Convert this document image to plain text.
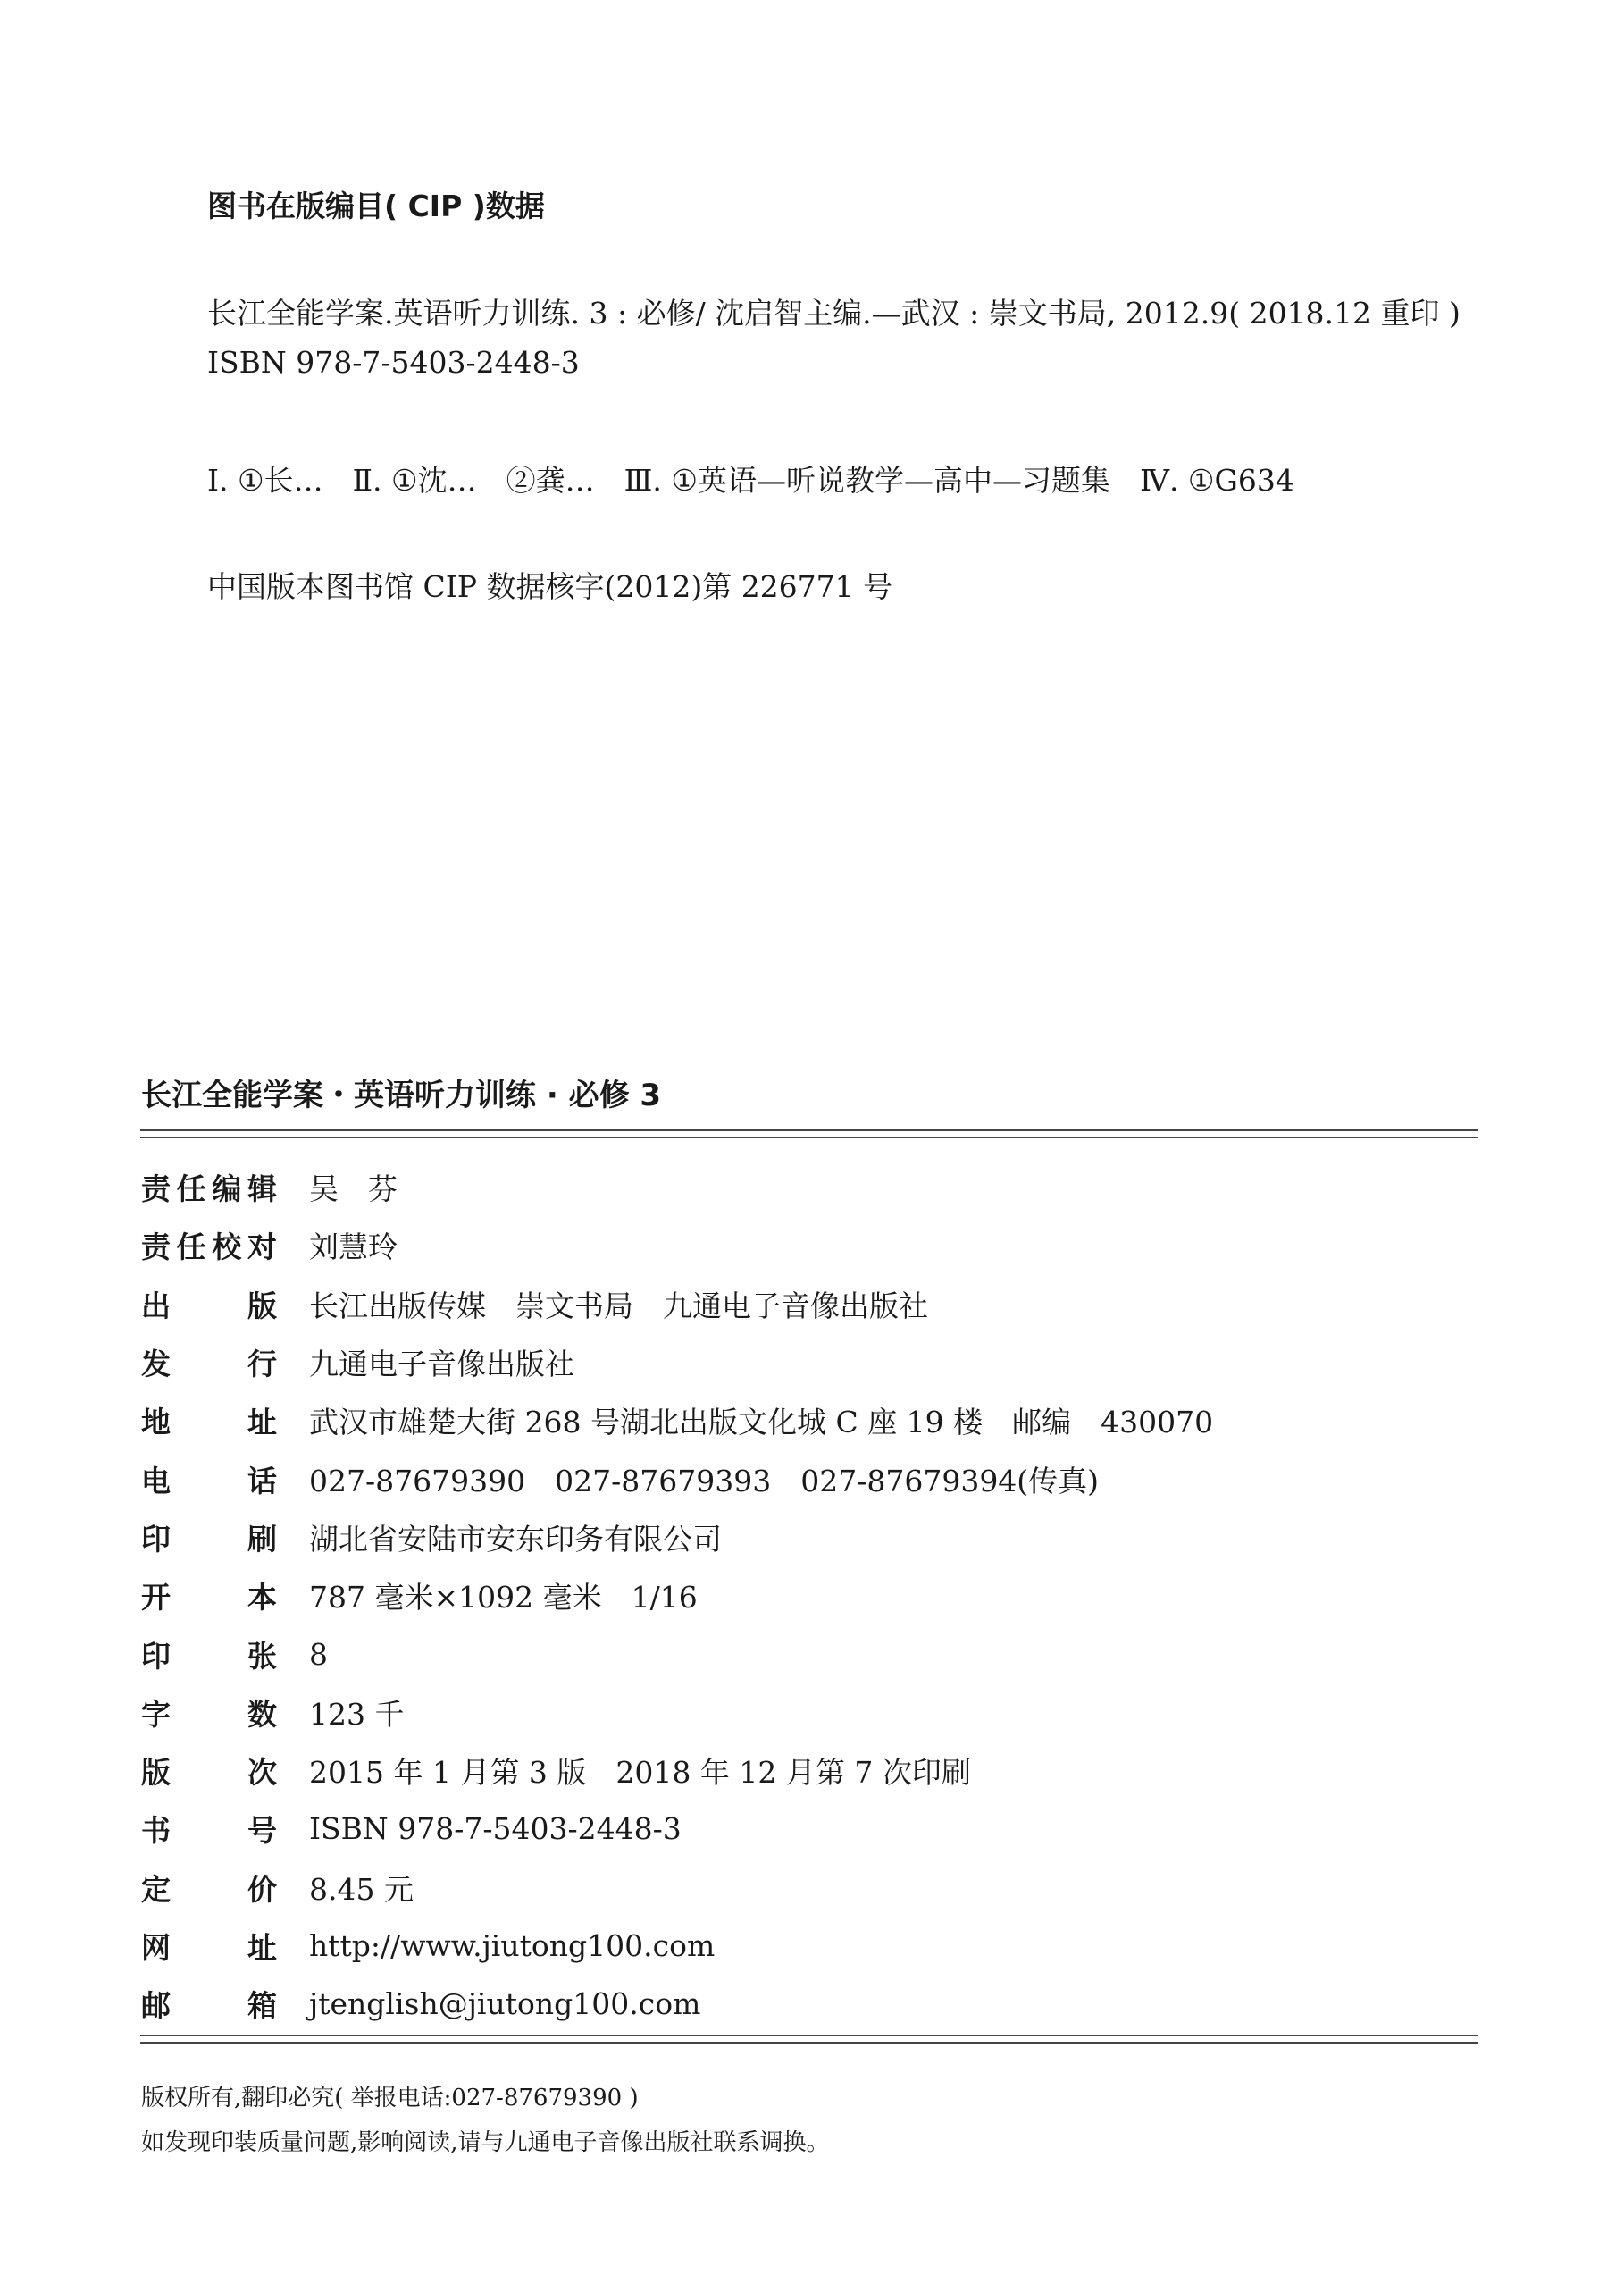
图书在版编目( CIP )数据
长江全能学案.英语听力训练. 3 : 必修/ 沈启智主编.—武汉 : 崇文书局, 2012.9( 2018.12 重印 )
ISBN 978-7-5403-2448-3
Ⅰ. ①长…　Ⅱ. ①沈…　②龚…　Ⅲ. ①英语—听说教学—高中—习题集　Ⅳ. ①G634
中国版本图书馆 CIP 数据核字(2012)第 226771 号
长江全能学案・英语听力训练 · 必修 3
责 任 编 辑 吴　芬
责 任 校 对 刘慧玲
出	版 长江出版传媒　崇文书局　九通电子音像出版社
发	行 九通电子音像出版社
地	址 武汉市雄楚大街 268 号湖北出版文化城 C 座 19 楼　邮编　430070
电	话 027-87679390　027-87679393　027-87679394(传真)
印	刷 湖北省安陆市安东印务有限公司
开	本 787 毫米×1092 毫米　1/16
印	张 8
字	数 123 千
版	次 2015 年 1 月第 3 版　2018 年 12 月第 7 次印刷
书	号 ISBN 978-7-5403-2448-3
定	价 8.45 元
网	址 http://www.jiutong100.com
邮	箱 jtenglish@jiutong100.com
版权所有,翻印必究( 举报电话:027-87679390 )
如发现印装质量问题,影响阅读,请与九通电子音像出版社联系调换。
